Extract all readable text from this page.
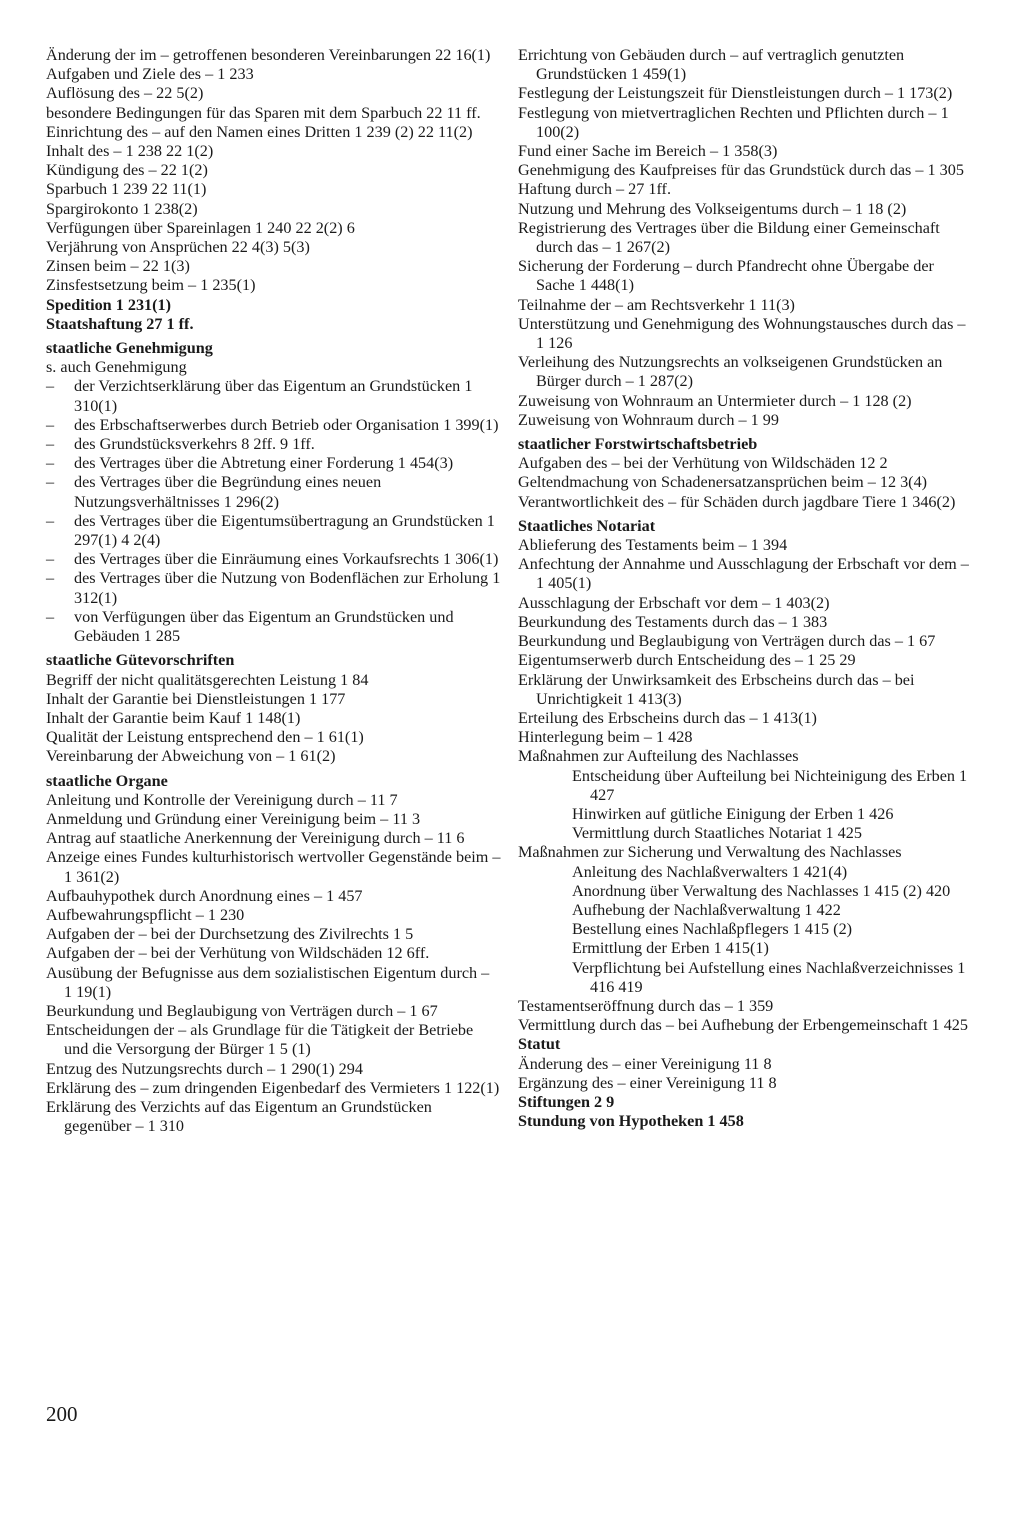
Änderung der im – getroffenen besonderen Vereinbarungen 22 16(1)

Aufgaben und Ziele des – 1 233

Auflösung des – 22 5(2)

besondere Bedingungen für das Sparen mit dem Sparbuch 22 11 ff.

Einrichtung des – auf den Namen eines Dritten 1 239 (2) 22 11(2)

Inhalt des – 1 238 22 1(2)

Kündigung des – 22 1(2)

Sparbuch 1 239 22 11(1)

Spargirokonto 1 238(2)

Verfügungen über Spareinlagen 1 240 22 2(2) 6

Verjährung von Ansprüchen 22 4(3) 5(3)

Zinsen beim – 22 1(3)

Zinsfestsetzung beim – 1 235(1)

Spedition 1 231(1)

Staatshaftung 27 1 ff.

staatliche Genehmigung

s. auch Genehmigung

– der Verzichtserklärung über das Eigentum an Grundstücken 1 310(1)

– des Erbschaftserwerbes durch Betrieb oder Organisation 1 399(1)

– des Grundstücksverkehrs 8 2ff. 9 1ff.

– des Vertrages über die Abtretung einer Forderung 1 454(3)

– des Vertrages über die Begründung eines neuen Nutzungsverhältnisses 1 296(2)

– des Vertrages über die Eigentumsübertragung an Grundstücken 1 297(1) 4 2(4)

– des Vertrages über die Einräumung eines Vorkaufsrechts 1 306(1)

– des Vertrages über die Nutzung von Bodenflächen zur Erholung 1 312(1)

– von Verfügungen über das Eigentum an Grundstücken und Gebäuden 1 285

staatliche Gütevorschriften

Begriff der nicht qualitätsgerechten Leistung 1 84

Inhalt der Garantie bei Dienstleistungen 1 177

Inhalt der Garantie beim Kauf 1 148(1)

Qualität der Leistung entsprechend den – 1 61(1)

Vereinbarung der Abweichung von – 1 61(2)

staatliche Organe

Anleitung und Kontrolle der Vereinigung durch – 11 7

Anmeldung und Gründung einer Vereinigung beim – 11 3

Antrag auf staatliche Anerkennung der Vereinigung durch – 11 6

Anzeige eines Fundes kulturhistorisch wertvoller Gegenstände beim – 1 361(2)

Aufbauhypothek durch Anordnung eines – 1 457

Aufbewahrungspflicht – 1 230

Aufgaben der – bei der Durchsetzung des Zivilrechts 1 5

Aufgaben der – bei der Verhütung von Wildschäden 12 6ff.

Ausübung der Befugnisse aus dem sozialistischen Eigentum durch – 1 19(1)

Beurkundung und Beglaubigung von Verträgen durch – 1 67

Entscheidungen der – als Grundlage für die Tätigkeit der Betriebe und die Versorgung der Bürger 1 5 (1)

Entzug des Nutzungsrechts durch – 1 290(1) 294

Erklärung des – zum dringenden Eigenbedarf des Vermieters 1 122(1)

Erklärung des Verzichts auf das Eigentum an Grundstücken gegenüber – 1 310

Errichtung von Gebäuden durch – auf vertraglich genutzten Grundstücken 1 459(1)

Festlegung der Leistungszeit für Dienstleistungen durch – 1 173(2)

Festlegung von mietvertraglichen Rechten und Pflichten durch – 1 100(2)

Fund einer Sache im Bereich – 1 358(3)

Genehmigung des Kaufpreises für das Grundstück durch das – 1 305

Haftung durch – 27 1ff.

Nutzung und Mehrung des Volkseigentums durch – 1 18 (2)

Registrierung des Vertrages über die Bildung einer Gemeinschaft durch das – 1 267(2)

Sicherung der Forderung – durch Pfandrecht ohne Übergabe der Sache 1 448(1)

Teilnahme der – am Rechtsverkehr 1 11(3)

Unterstützung und Genehmigung des Wohnungstausches durch das – 1 126

Verleihung des Nutzungsrechts an volkseigenen Grundstücken an Bürger durch – 1 287(2)

Zuweisung von Wohnraum an Untermieter durch – 1 128 (2)

Zuweisung von Wohnraum durch – 1 99

staatlicher Forstwirtschaftsbetrieb

Aufgaben des – bei der Verhütung von Wildschäden 12 2

Geltendmachung von Schadenersatzansprüchen beim – 12 3(4)

Verantwortlichkeit des – für Schäden durch jagdbare Tiere 1 346(2)

Staatliches Notariat

Ablieferung des Testaments beim – 1 394

Anfechtung der Annahme und Ausschlagung der Erbschaft vor dem – 1 405(1)

Ausschlagung der Erbschaft vor dem – 1 403(2)

Beurkundung des Testaments durch das – 1 383

Beurkundung und Beglaubigung von Verträgen durch das – 1 67

Eigentumserwerb durch Entscheidung des – 1 25 29

Erklärung der Unwirksamkeit des Erbscheins durch das – bei Unrichtigkeit 1 413(3)

Erteilung des Erbscheins durch das – 1 413(1)

Hinterlegung beim – 1 428

Maßnahmen zur Aufteilung des Nachlasses

Entscheidung über Aufteilung bei Nichteinigung des Erben 1 427

Hinwirken auf gütliche Einigung der Erben 1 426

Vermittlung durch Staatliches Notariat 1 425

Maßnahmen zur Sicherung und Verwaltung des Nachlasses

Anleitung des Nachlaßverwalters 1 421(4)

Anordnung über Verwaltung des Nachlasses 1 415 (2) 420

Aufhebung der Nachlaßverwaltung 1 422

Bestellung eines Nachlaßpflegers 1 415 (2)

Ermittlung der Erben 1 415(1)

Verpflichtung bei Aufstellung eines Nachlaßverzeichnisses 1 416 419

Testamentseröffnung durch das – 1 359

Vermittlung durch das – bei Aufhebung der Erbengemeinschaft 1 425

Statut

Änderung des – einer Vereinigung 11 8

Ergänzung des – einer Vereinigung 11 8

Stiftungen 2 9

Stundung von Hypotheken 1 458

200
